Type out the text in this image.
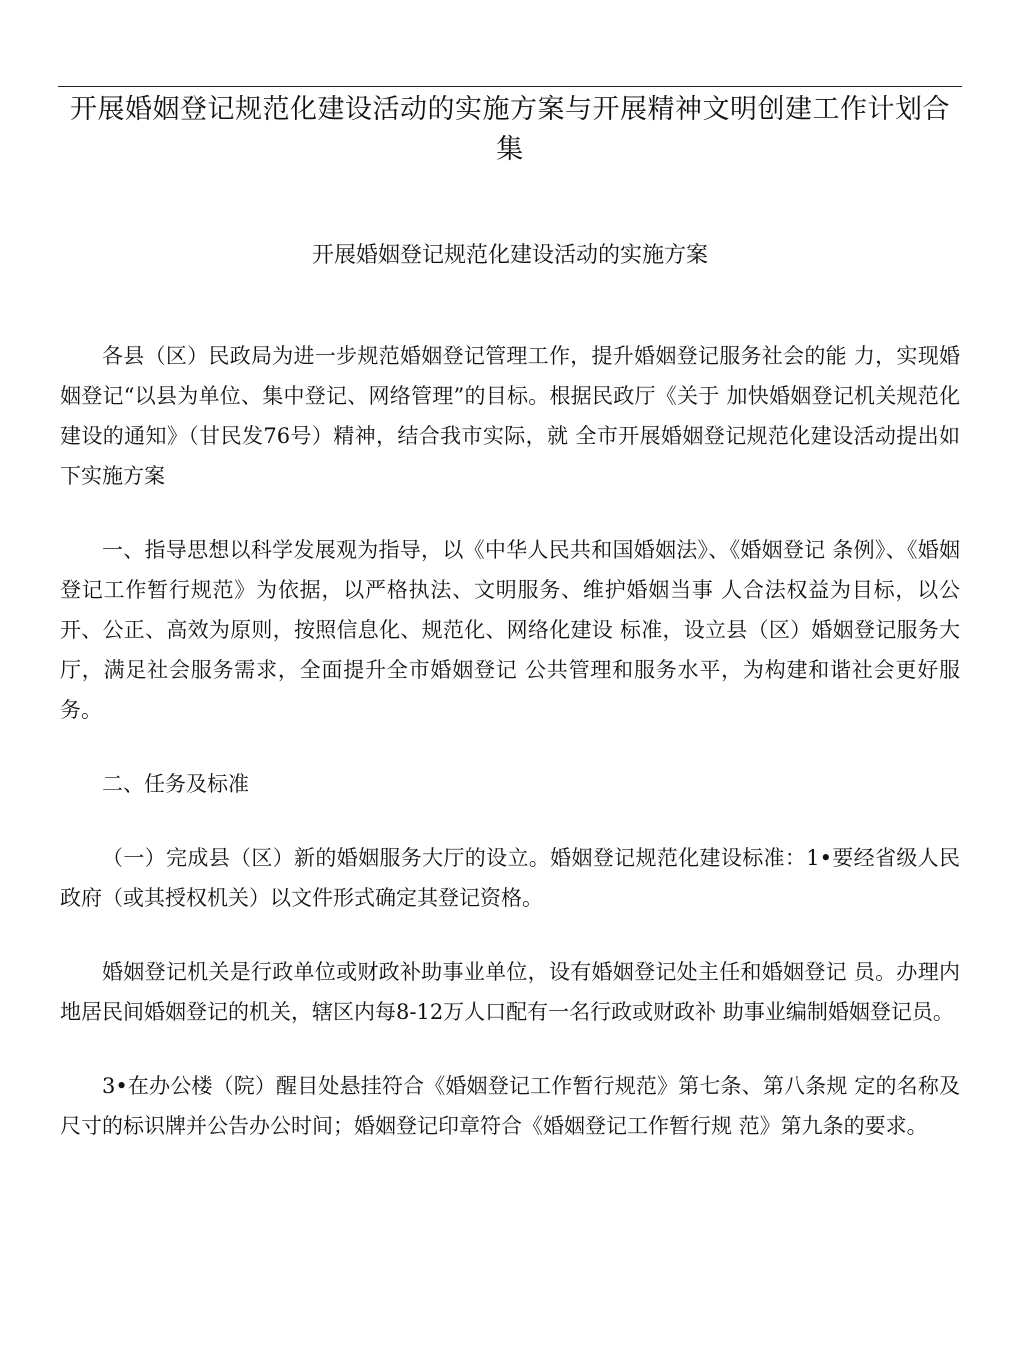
开展婚姻登记规范化建设活动的实施方案与开展精神文明创建工作计划合集
开展婚姻登记规范化建设活动的实施方案

各县（区）民政局为进一步规范婚姻登记管理工作，提升婚姻登记服务社会的能 力，实现婚姻登记“以县为单位、集中登记、网络管理”的目标。根据民政厅《关于 加快婚姻登记机关规范化建设的通知》（甘民发76号）精神，结合我市实际，就 全市开展婚姻登记规范化建设活动提出如下实施方案

一、指导思想以科学发展观为指导，以《中华人民共和国婚姻法》、《婚姻登记 条例》、《婚姻登记工作暂行规范》为依据，以严格执法、文明服务、维护婚姻当事 人合法权益为目标，以公开、公正、高效为原则，按照信息化、规范化、网络化建设 标准，设立县（区）婚姻登记服务大厅，满足社会服务需求，全面提升全市婚姻登记 公共管理和服务水平，为构建和谐社会更好服务。

二、任务及标准

（一）完成县（区）新的婚姻服务大厅的设立。婚姻登记规范化建设标准：1•要经省级人民政府（或其授权机关）以文件形式确定其登记资格。

婚姻登记机关是行政单位或财政补助事业单位，设有婚姻登记处主任和婚姻登记 员。办理内地居民间婚姻登记的机关，辖区内每8-12万人口配有一名行政或财政补 助事业编制婚姻登记员。

3•在办公楼（院）醒目处悬挂符合《婚姻登记工作暂行规范》第七条、第八条规 定的名称及尺寸的标识牌并公告办公时间；婚姻登记印章符合《婚姻登记工作暂行规 范》第九条的要求。
